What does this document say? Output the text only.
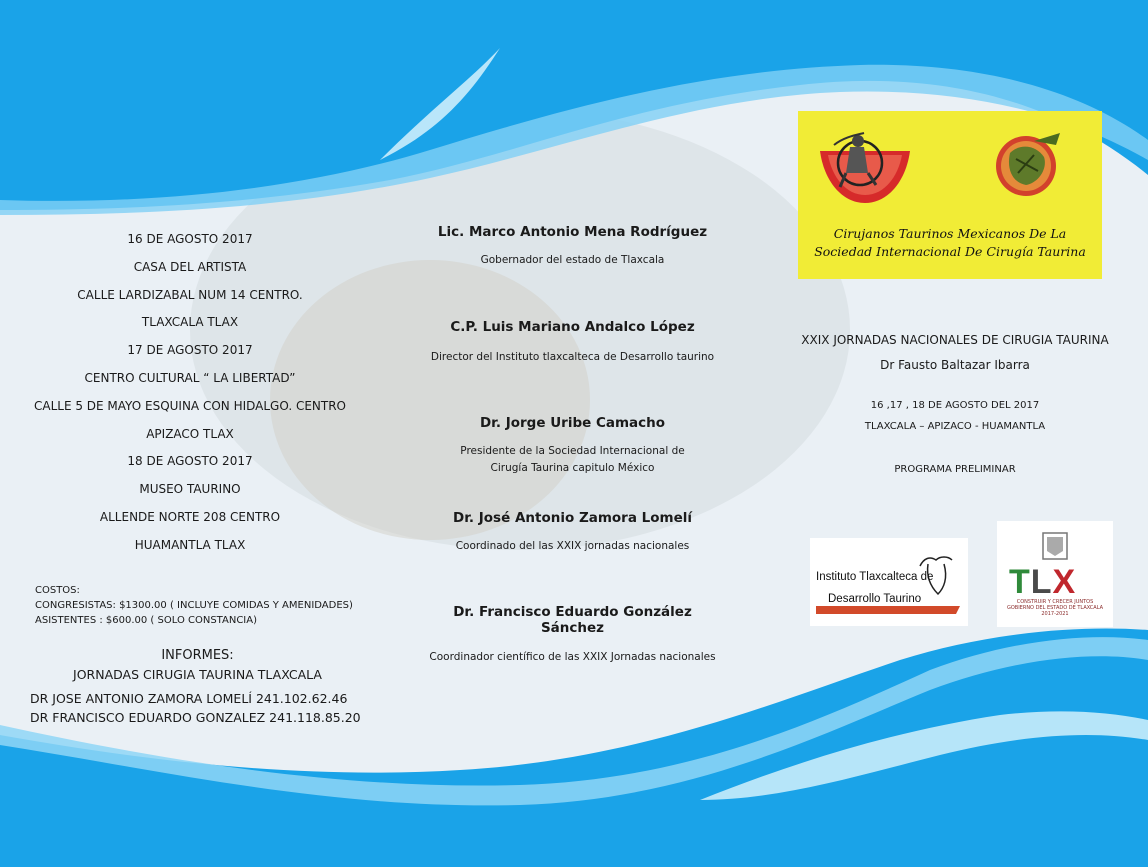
16 DE AGOSTO 2017
CASA DEL ARTISTA
CALLE LARDIZABAL NUM 14 CENTRO.
TLAXCALA TLAX
17 DE AGOSTO 2017
CENTRO CULTURAL “ LA LIBERTAD”
CALLE 5 DE MAYO ESQUINA CON HIDALGO. CENTRO
APIZACO TLAX
18 DE AGOSTO 2017
MUSEO TAURINO
ALLENDE NORTE 208 CENTRO
HUAMANTLA TLAX
COSTOS:
CONGRESISTAS: $1300.00 ( INCLUYE COMIDAS Y AMENIDADES)
ASISTENTES : $600.00 ( SOLO CONSTANCIA)
INFORMES:
JORNADAS CIRUGIA TAURINA TLAXCALA
DR JOSE ANTONIO ZAMORA LOMELÍ 241.102.62.46
DR FRANCISCO EDUARDO GONZALEZ 241.118.85.20
Lic. Marco Antonio Mena Rodríguez
Gobernador del estado de Tlaxcala
C.P. Luis Mariano Andalco López
Director del Instituto tlaxcalteca de Desarrollo taurino
Dr. Jorge Uribe Camacho
Presidente de la Sociedad Internacional de Cirugía Taurina capitulo México
Dr. José Antonio Zamora Lomelí
Coordinado del las XXIX jornadas nacionales
Dr. Francisco Eduardo González Sánchez
Coordinador científico de las XXIX Jornadas nacionales
Cirujanos Taurinos Mexicanos De La
Sociedad Internacional De Cirugía Taurina
XXIX JORNADAS NACIONALES DE CIRUGIA TAURINA
Dr Fausto Baltazar Ibarra
16 ,17 , 18 DE AGOSTO DEL 2017
TLAXCALA – APIZACO - HUAMANTLA
PROGRAMA PRELIMINAR
Instituto Tlaxcalteca de
Desarrollo Taurino	TLX
CONSTRUIR Y CRECER JUNTOS
GOBIERNO DEL ESTADO DE TLAXCALA 2017-2021
